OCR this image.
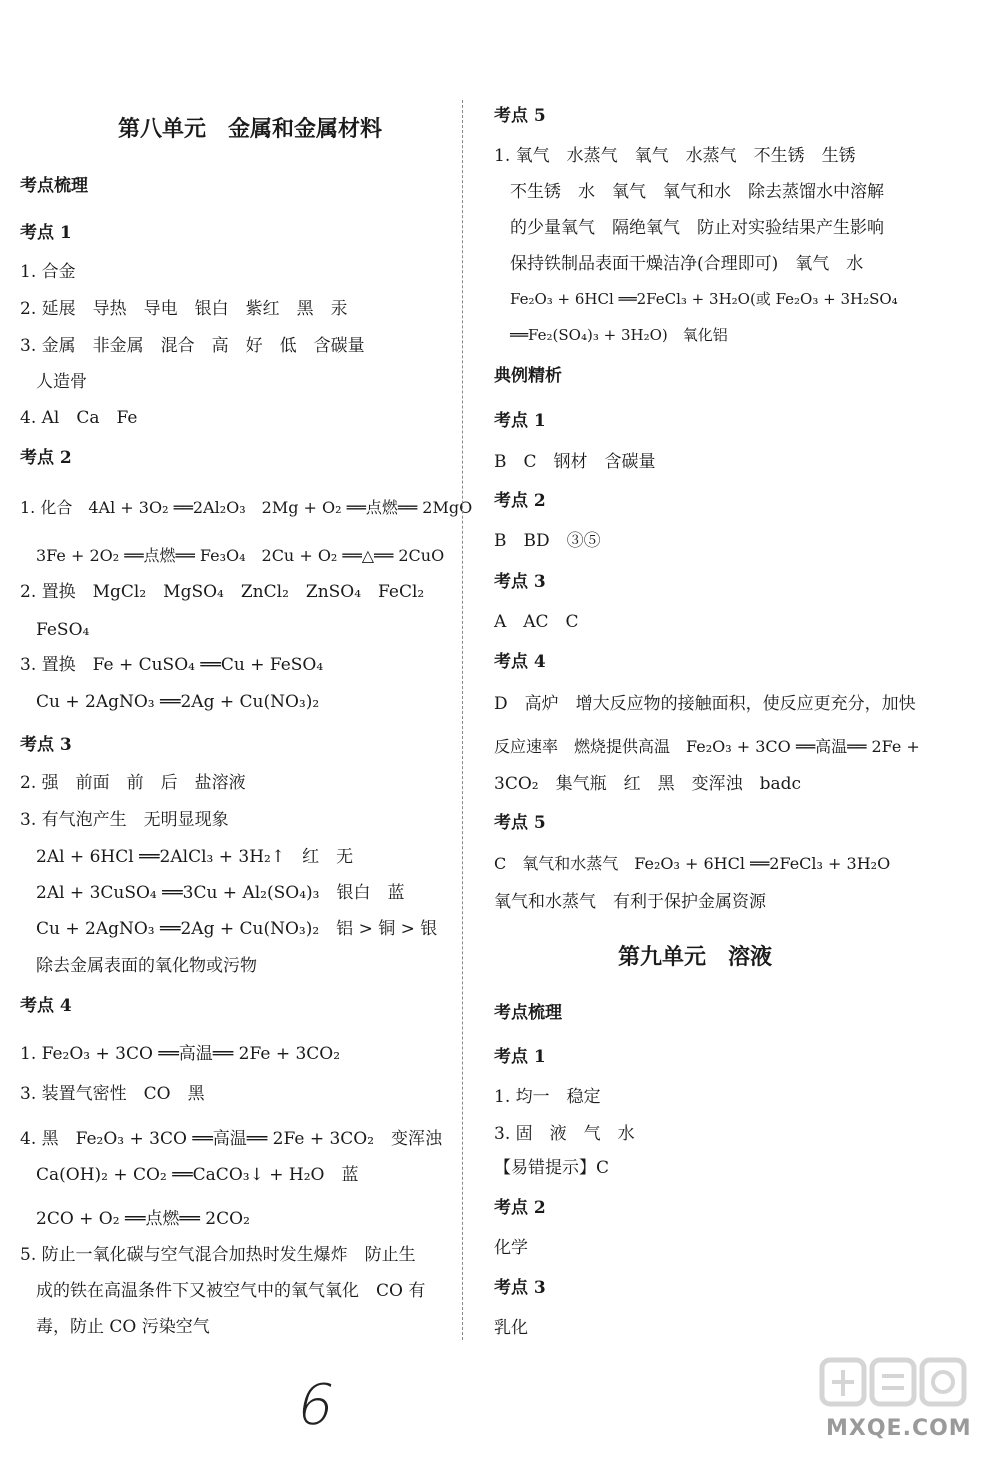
第八单元　金属和金属材料
考点梳理
考点 1
1. 合金
2. 延展　导热　导电　银白　紫红　黑　汞
3. 金属　非金属　混合　高　好　低　含碳量
人造骨
4. Al　Ca　Fe
考点 2
1. 化合　4Al + 3O₂ ══2Al₂O₃　2Mg + O₂ ══点燃══ 2MgO
3Fe + 2O₂ ══点燃══ Fe₃O₄　2Cu + O₂ ══△══ 2CuO
2. 置换　MgCl₂　MgSO₄　ZnCl₂　ZnSO₄　FeCl₂
FeSO₄
3. 置换　Fe + CuSO₄ ══Cu + FeSO₄
Cu + 2AgNO₃ ══2Ag + Cu(NO₃)₂
考点 3
2. 强　前面　前　后　盐溶液
3. 有气泡产生　无明显现象
2Al + 6HCl ══2AlCl₃ + 3H₂↑　红　无
2Al + 3CuSO₄ ══3Cu + Al₂(SO₄)₃　银白　蓝
Cu + 2AgNO₃ ══2Ag + Cu(NO₃)₂　铝 > 铜 > 银
除去金属表面的氧化物或污物
考点 4
1. Fe₂O₃ + 3CO ══高温══ 2Fe + 3CO₂
3. 装置气密性　CO　黑
4. 黑　Fe₂O₃ + 3CO ══高温══ 2Fe + 3CO₂　变浑浊
Ca(OH)₂ + CO₂ ══CaCO₃↓ + H₂O　蓝
2CO + O₂ ══点燃══ 2CO₂
5. 防止一氧化碳与空气混合加热时发生爆炸　防止生
成的铁在高温条件下又被空气中的氧气氧化　CO 有
毒，防止 CO 污染空气
考点 5
1. 氧气　水蒸气　氧气　水蒸气　不生锈　生锈
不生锈　水　氧气　氧气和水　除去蒸馏水中溶解
的少量氧气　隔绝氧气　防止对实验结果产生影响
保持铁制品表面干燥洁净(合理即可)　氧气　水
Fe₂O₃ + 6HCl ══2FeCl₃ + 3H₂O(或 Fe₂O₃ + 3H₂SO₄
══Fe₂(SO₄)₃ + 3H₂O)　氧化铝
典例精析
考点 1
B　C　钢材　含碳量
考点 2
B　BD　③⑤
考点 3
A　AC　C
考点 4
D　高炉　增大反应物的接触面积，使反应更充分，加快
反应速率　燃烧提供高温　Fe₂O₃ + 3CO ══高温══ 2Fe +
3CO₂　集气瓶　红　黑　变浑浊　badc
考点 5
C　氧气和水蒸气　Fe₂O₃ + 6HCl ══2FeCl₃ + 3H₂O
氧气和水蒸气　有利于保护金属资源
第九单元　溶液
考点梳理
考点 1
1. 均一　稳定
3. 固　液　气　水
【易错提示】C
考点 2
化学
考点 3
乳化
6	MXQE.COM
